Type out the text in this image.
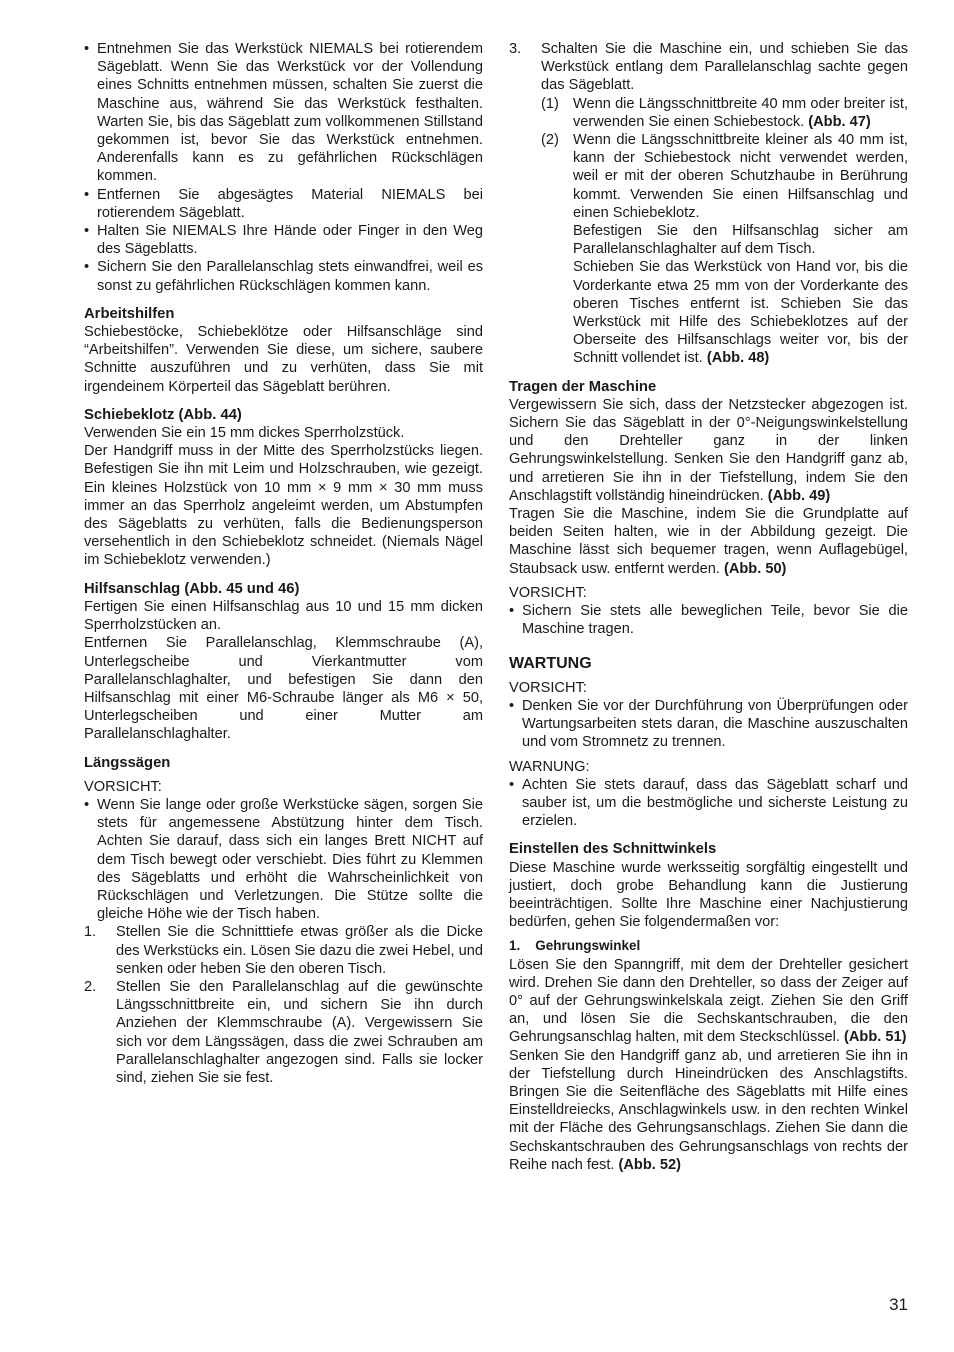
• Entnehmen Sie das Werkstück NIEMALS bei rotierendem Sägeblatt. Wenn Sie das Werkstück vor der Vollendung eines Schnitts entnehmen müssen, schalten Sie zuerst die Maschine aus, während Sie das Werkstück festhalten. Warten Sie, bis das Sägeblatt zum vollkommenen Stillstand gekommen ist, bevor Sie das Werkstück entnehmen. Anderenfalls kann es zu gefährlichen Rückschlägen kommen.
• Entfernen Sie abgesägtes Material NIEMALS bei rotierendem Sägeblatt.
• Halten Sie NIEMALS Ihre Hände oder Finger in den Weg des Sägeblatts.
• Sichern Sie den Parallelanschlag stets einwandfrei, weil es sonst zu gefährlichen Rückschlägen kommen kann.
Arbeitshilfen

Schiebestöcke, Schiebeklötze oder Hilfsanschläge sind “Arbeitshilfen”. Verwenden Sie diese, um sichere, saubere Schnitte auszuführen und zu verhüten, dass Sie mit irgendeinem Körperteil das Sägeblatt berühren.

Schiebeklotz (Abb. 44)

Verwenden Sie ein 15 mm dickes Sperrholzstück.

Der Handgriff muss in der Mitte des Sperrholzstücks liegen. Befestigen Sie ihn mit Leim und Holzschrauben, wie gezeigt. Ein kleines Holzstück von 10 mm × 9 mm × 30 mm muss immer an das Sperrholz angeleimt werden, um Abstumpfen des Sägeblatts zu verhüten, falls die Bedienungsperson versehentlich in den Schiebeklotz schneidet. (Niemals Nägel im Schiebeklotz verwenden.)

Hilfsanschlag (Abb. 45 und 46)

Fertigen Sie einen Hilfsanschlag aus 10 und 15 mm dicken Sperrholzstücken an.

Entfernen Sie Parallelanschlag, Klemmschraube (A), Unterlegscheibe und Vierkantmutter vom Parallelanschlaghalter, und befestigen Sie dann den Hilfsanschlag mit einer M6-Schraube länger als M6 × 50, Unterlegscheiben und einer Mutter am Parallelanschlaghalter.

Längssägen

VORSICHT:

• Wenn Sie lange oder große Werkstücke sägen, sorgen Sie stets für angemessene Abstützung hinter dem Tisch. Achten Sie darauf, dass sich ein langes Brett NICHT auf dem Tisch bewegt oder verschiebt. Dies führt zu Klemmen des Sägeblatts und erhöht die Wahrscheinlichkeit von Rückschlägen und Verletzungen. Die Stütze sollte die gleiche Höhe wie der Tisch haben.
1. Stellen Sie die Schnitttiefe etwas größer als die Dicke des Werkstücks ein. Lösen Sie dazu die zwei Hebel, und senken oder heben Sie den oberen Tisch.
2. Stellen Sie den Parallelanschlag auf die gewünschte Längsschnittbreite ein, und sichern Sie ihn durch Anziehen der Klemmschraube (A). Vergewissern Sie sich vor dem Längssägen, dass die zwei Schrauben am Parallelanschlaghalter angezogen sind. Falls sie locker sind, ziehen Sie sie fest.
3. Schalten Sie die Maschine ein, und schieben Sie das Werkstück entlang dem Parallelanschlag sachte gegen das Sägeblatt.
(1) Wenn die Längsschnittbreite 40 mm oder breiter ist, verwenden Sie einen Schiebestock. (Abb. 47)
(2) Wenn die Längsschnittbreite kleiner als 40 mm ist, kann der Schiebestock nicht verwendet werden, weil er mit der oberen Schutzhaube in Berührung kommt. Verwenden Sie einen Hilfsanschlag und einen Schiebeklotz.
Befestigen Sie den Hilfsanschlag sicher am Parallelanschlaghalter auf dem Tisch.
Schieben Sie das Werkstück von Hand vor, bis die Vorderkante etwa 25 mm von der Vorderkante des oberen Tisches entfernt ist. Schieben Sie das Werkstück mit Hilfe des Schiebeklotzes auf der Oberseite des Hilfsanschlags weiter vor, bis der Schnitt vollendet ist. (Abb. 48)
Tragen der Maschine

Vergewissern Sie sich, dass der Netzstecker abgezogen ist. Sichern Sie das Sägeblatt in der 0°-Neigungswinkelstellung und den Drehteller ganz in der linken Gehrungswinkelstellung. Senken Sie den Handgriff ganz ab, und arretieren Sie ihn in der Tiefstellung, indem Sie den Anschlagstift vollständig hineindrücken. (Abb. 49)

Tragen Sie die Maschine, indem Sie die Grundplatte auf beiden Seiten halten, wie in der Abbildung gezeigt. Die Maschine lässt sich bequemer tragen, wenn Auflagebügel, Staubsack usw. entfernt werden. (Abb. 50)

VORSICHT:

• Sichern Sie stets alle beweglichen Teile, bevor Sie die Maschine tragen.
WARTUNG

VORSICHT:

• Denken Sie vor der Durchführung von Überprüfungen oder Wartungsarbeiten stets daran, die Maschine auszuschalten und vom Stromnetz zu trennen.

WARNUNG:

• Achten Sie stets darauf, dass das Sägeblatt scharf und sauber ist, um die bestmögliche und sicherste Leistung zu erzielen.
Einstellen des Schnittwinkels

Diese Maschine wurde werksseitig sorgfältig eingestellt und justiert, doch grobe Behandlung kann die Justierung beeinträchtigen. Sollte Ihre Maschine einer Nachjustierung bedürfen, gehen Sie folgendermaßen vor:

1.    Gehrungswinkel

Lösen Sie den Spanngriff, mit dem der Drehteller gesichert wird. Drehen Sie dann den Drehteller, so dass der Zeiger auf 0° auf der Gehrungswinkelskala zeigt. Ziehen Sie den Griff an, und lösen Sie die Sechskantschrauben, die den Gehrungsanschlag halten, mit dem Steckschlüssel. (Abb. 51)

Senken Sie den Handgriff ganz ab, und arretieren Sie ihn in der Tiefstellung durch Hineindrücken des Anschlagstifts. Bringen Sie die Seitenfläche des Sägeblatts mit Hilfe eines Einstelldreiecks, Anschlagwinkels usw. in den rechten Winkel mit der Fläche des Gehrungsanschlags. Ziehen Sie dann die Sechskantschrauben des Gehrungsanschlags von rechts der Reihe nach fest. (Abb. 52)

31
